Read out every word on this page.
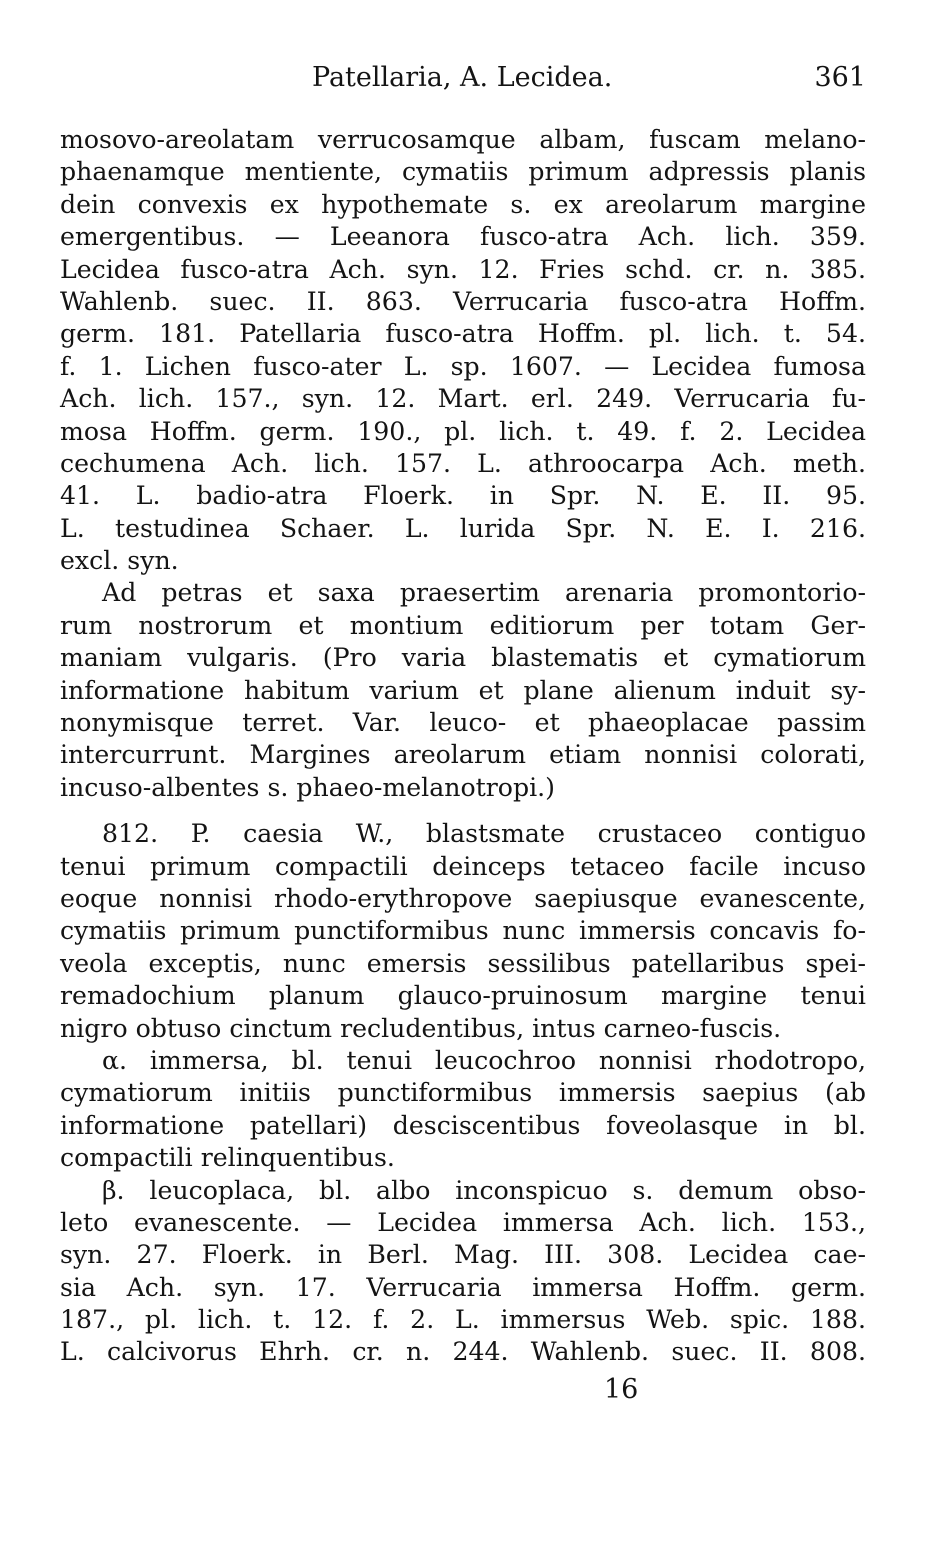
Patellaria, A. Lecidea.	361
mosovo-areolatam verrucosamque albam, fuscam melano-
phaenamque mentiente, cymatiis primum adpressis planis
dein convexis ex hypothemate s. ex areolarum margine
emergentibus. — Leeanora fusco-atra Ach. lich. 359.
Lecidea fusco-atra Ach. syn. 12. Fries schd. cr. n. 385.
Wahlenb. suec. II. 863. Verrucaria fusco-atra Hoffm.
germ. 181. Patellaria fusco-atra Hoffm. pl. lich. t. 54.
f. 1. Lichen fusco-ater L. sp. 1607. — Lecidea fumosa
Ach. lich. 157., syn. 12. Mart. erl. 249. Verrucaria fu-
mosa Hoffm. germ. 190., pl. lich. t. 49. f. 2. Lecidea
cechumena Ach. lich. 157. L. athroocarpa Ach. meth.
41. L. badio-atra Floerk. in Spr. N. E. II. 95.
L. testudinea Schaer. L. lurida Spr. N. E. I. 216.
excl. syn.
Ad petras et saxa praesertim arenaria promontorio-
rum nostrorum et montium editiorum per totam Ger-
maniam vulgaris. (Pro varia blastematis et cymatiorum
informatione habitum varium et plane alienum induit sy-
nonymisque terret. Var. leuco- et phaeoplacae passim
intercurrunt. Margines areolarum etiam nonnisi colorati,
incuso-albentes s. phaeo-melanotropi.)
812. P. caesia W., blastsmate crustaceo contiguo
tenui primum compactili deinceps tetaceo facile incuso
eoque nonnisi rhodo-erythropove saepiusque evanescente,
cymatiis primum punctiformibus nunc immersis concavis fo-
veola exceptis, nunc emersis sessilibus patellaribus spei-
remadochium planum glauco-pruinosum margine tenui
nigro obtuso cinctum recludentibus, intus carneo-fuscis.
α. immersa, bl. tenui leucochroo nonnisi rhodotropo,
cymatiorum initiis punctiformibus immersis saepius (ab
informatione patellari) desciscentibus foveolasque in bl.
compactili relinquentibus.
β. leucoplaca, bl. albo inconspicuo s. demum obso-
leto evanescente. — Lecidea immersa Ach. lich. 153.,
syn. 27. Floerk. in Berl. Mag. III. 308. Lecidea cae-
sia Ach. syn. 17. Verrucaria immersa Hoffm. germ.
187., pl. lich. t. 12. f. 2. L. immersus Web. spic. 188.
L. calcivorus Ehrh. cr. n. 244. Wahlenb. suec. II. 808.
16
